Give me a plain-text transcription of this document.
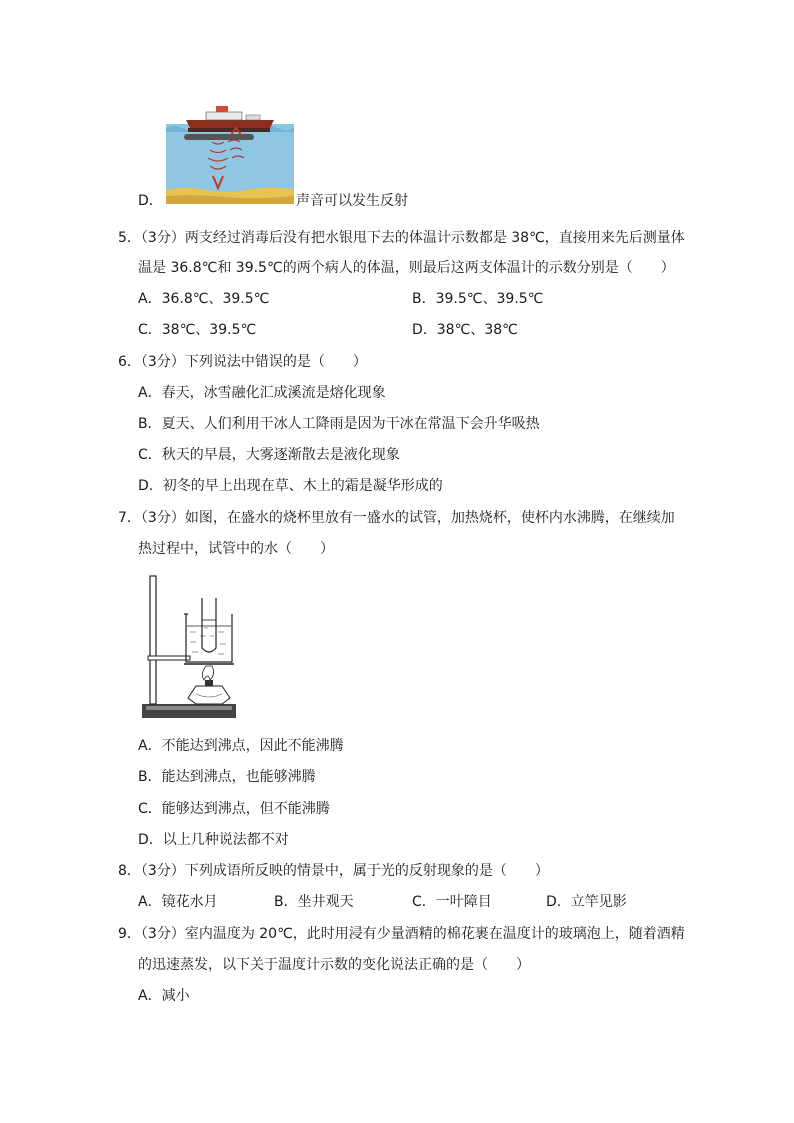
D．	声音可以发生反射
5．（3分）两支经过消毒后没有把水银甩下去的体温计示数都是 38℃，直接用来先后测量体
温是 36.8℃和 39.5℃的两个病人的体温，则最后这两支体温计的示数分别是（　　）
A．36.8℃、39.5℃	B．39.5℃、39.5℃
C．38℃、39.5℃	D．38℃、38℃
6．（3分）下列说法中错误的是（　　）
A．春天，冰雪融化汇成溪流是熔化现象
B．夏天、人们利用干冰人工降雨是因为干冰在常温下会升华吸热
C．秋天的早晨，大雾逐渐散去是液化现象
D．初冬的早上出现在草、木上的霜是凝华形成的
7．（3分）如图，在盛水的烧杯里放有一盛水的试管，加热烧杯，使杯内水沸腾，在继续加
热过程中，试管中的水（　　）
A．不能达到沸点，因此不能沸腾
B．能达到沸点，也能够沸腾
C．能够达到沸点，但不能沸腾
D．以上几种说法都不对
8．（3分）下列成语所反映的情景中，属于光的反射现象的是（　　）
A．镜花水月	B．坐井观天	C．一叶障目	D．立竿见影
9．（3分）室内温度为 20℃，此时用浸有少量酒精的棉花裹在温度计的玻璃泡上，随着酒精
的迅速蒸发，以下关于温度计示数的变化说法正确的是（　　）
A．减小
